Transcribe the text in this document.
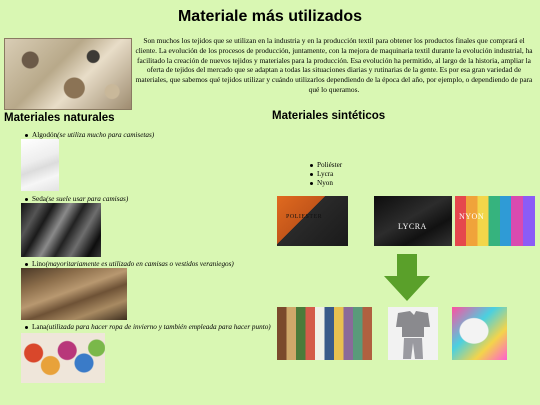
Materiale más utilizados
Son muchos los tejidos que se utilizan en la industria y en la producción textil para obtener los productos finales que comprará el cliente. La evolución de los procesos de producción, juntamente, con la mejora de maquinaria textil durante la evolución industrial, ha facilitado la creación de nuevos tejidos y materiales para la producción. Esa evolución ha permitido, al largo de la historia, ampliar la oferta de tejidos del mercado que se adaptan a todas las situaciones diarias y rutinarias de la gente. Es por esa gran variedad de materiales, que sabemos qué tejidos utilizar y cuándo utilizarlos dependiendo de la época del año, por ejemplo, o dependiendo de para qué lo queramos.
Materiales naturales	Materiales sintéticos
Algodón(se utiliza mucho para camisetas)
Seda(se suele usar para camisas)
Lino(mayoritariamente es utilizado en camisas o vestidos veraniegos)
Lana(utilizada para hacer ropa de invierno y también empleada para hacer punto)
Poliéster
Lycra
Nyon
POLIESTER
LYCRA
NYON
